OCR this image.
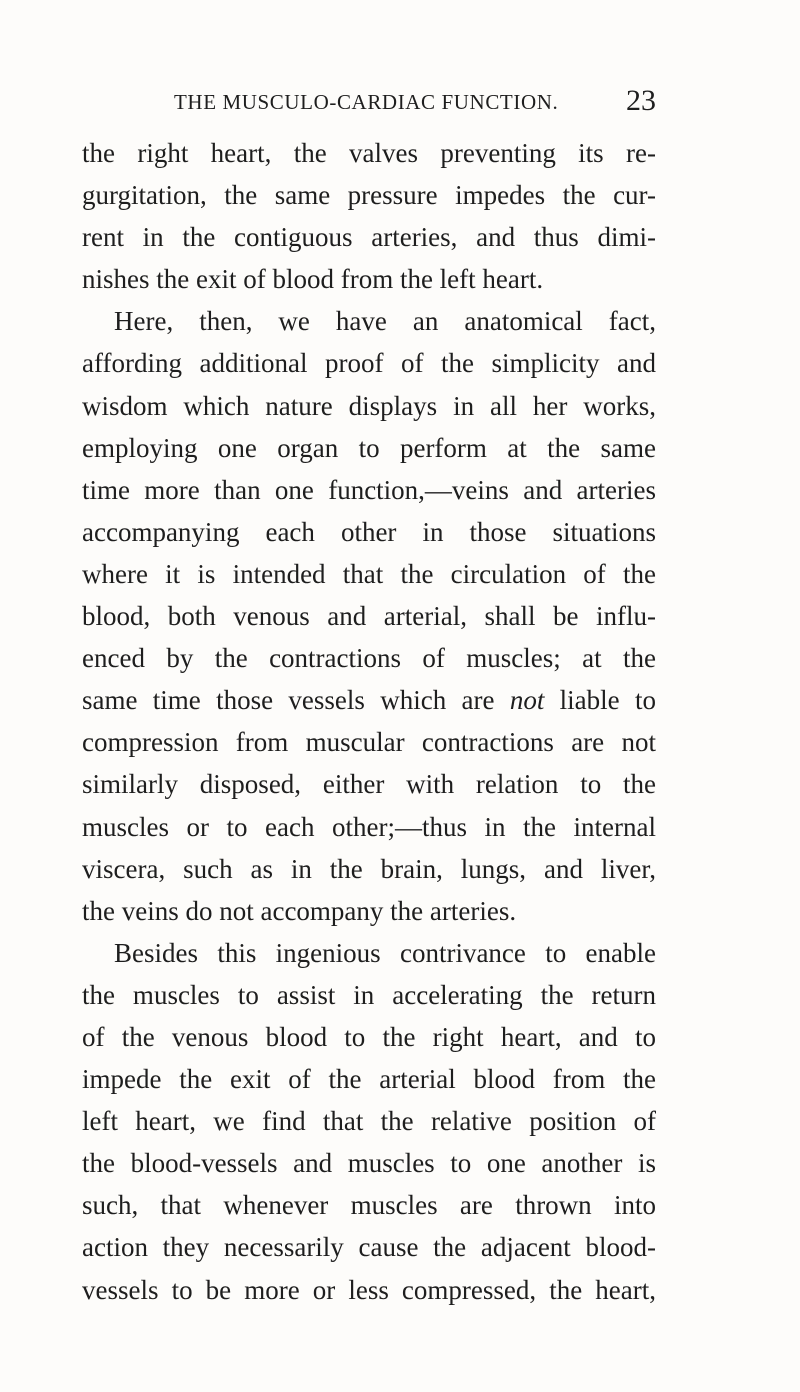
THE MUSCULO-CARDIAC FUNCTION. 23
the right heart, the valves preventing its re-
gurgitation, the same pressure impedes the cur-
rent in the contiguous arteries, and thus dimi-
nishes the exit of blood from the left heart.
Here, then, we have an anatomical fact,
affording additional proof of the simplicity and
wisdom which nature displays in all her works,
employing one organ to perform at the same
time more than one function,—veins and arteries
accompanying each other in those situations
where it is intended that the circulation of the
blood, both venous and arterial, shall be influ-
enced by the contractions of muscles; at the
same time those vessels which are not liable to
compression from muscular contractions are not
similarly disposed, either with relation to the
muscles or to each other;—thus in the internal
viscera, such as in the brain, lungs, and liver,
the veins do not accompany the arteries.
Besides this ingenious contrivance to enable
the muscles to assist in accelerating the return
of the venous blood to the right heart, and to
impede the exit of the arterial blood from the
left heart, we find that the relative position of
the blood-vessels and muscles to one another is
such, that whenever muscles are thrown into
action they necessarily cause the adjacent blood-
vessels to be more or less compressed, the heart,
